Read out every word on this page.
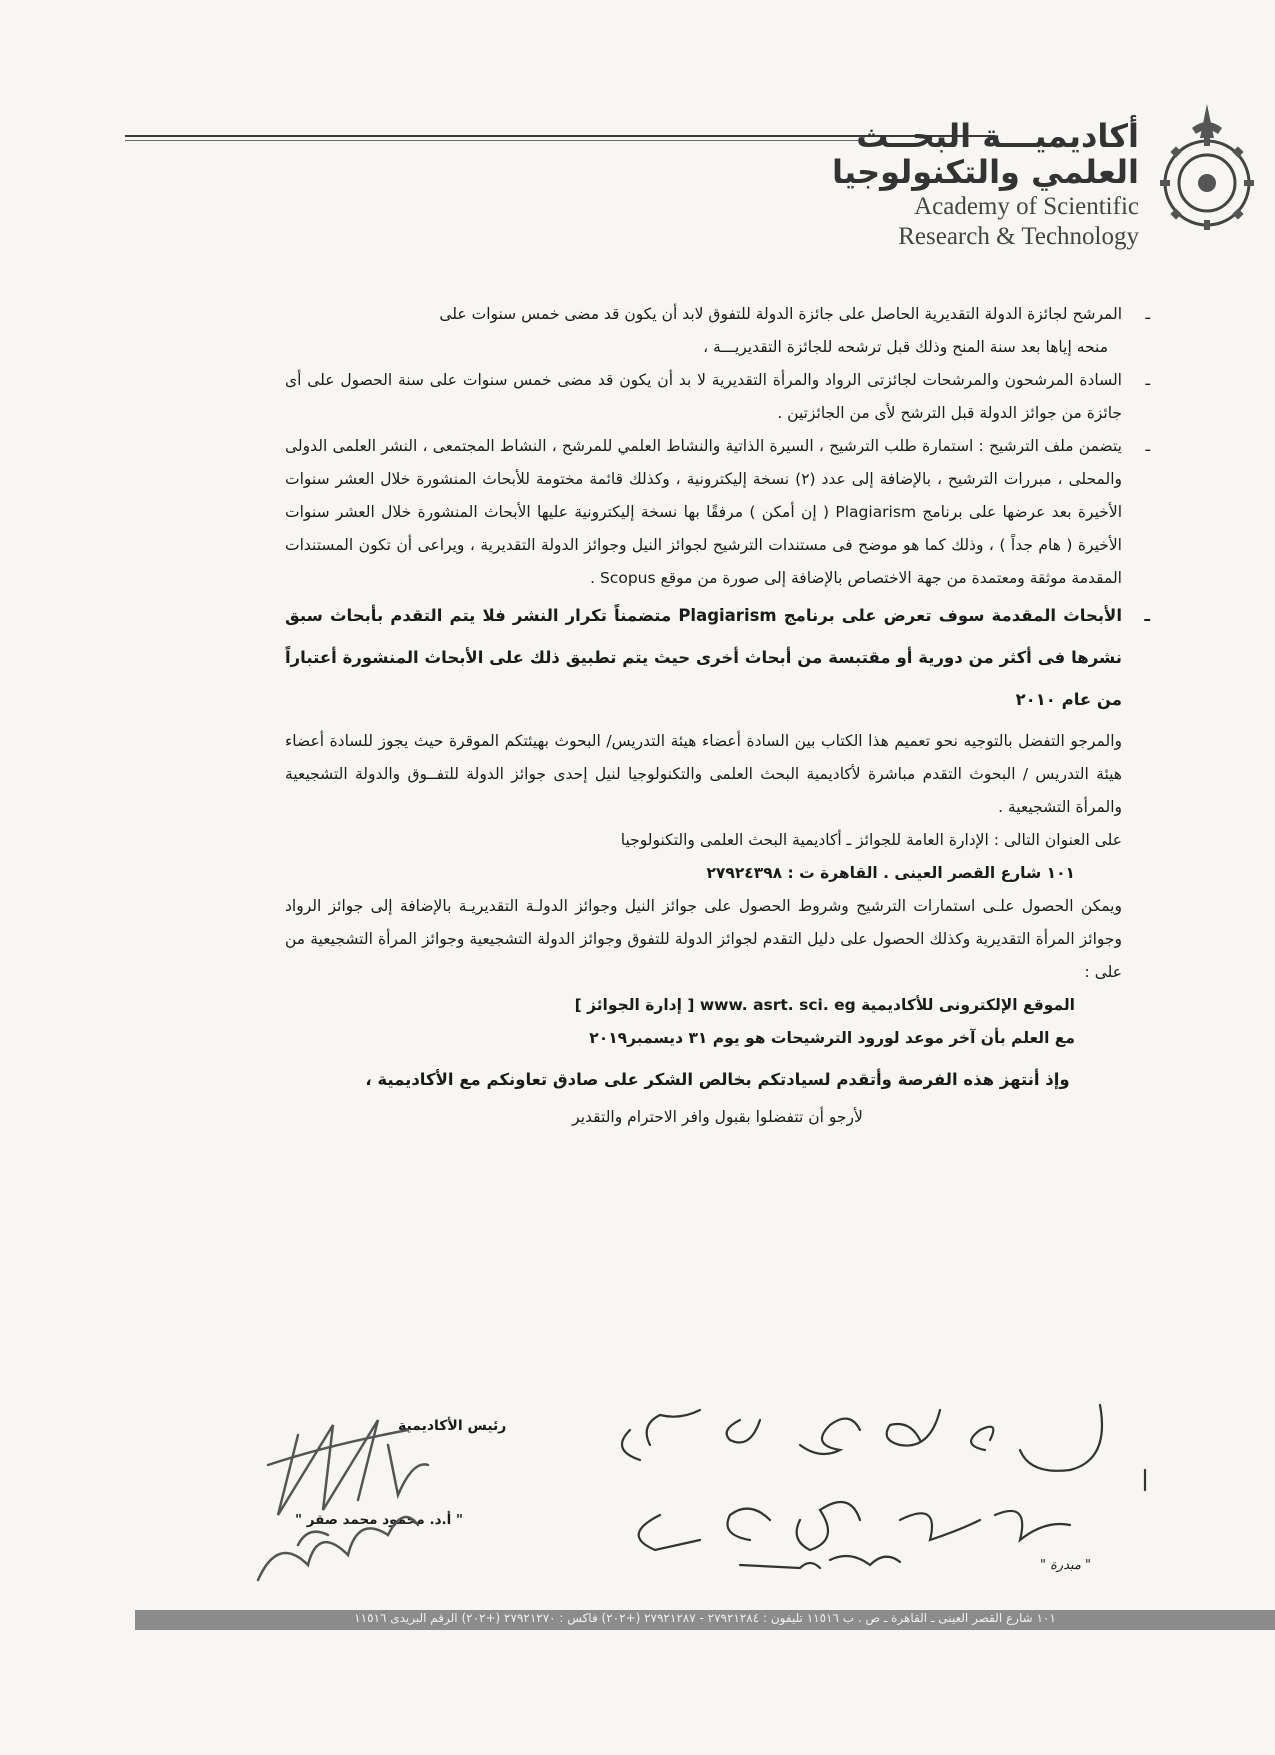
أكاديميـــة البحــث
العلمي والتكنولوجيا
Academy of Scientific
Research & Technology

ـ المرشح لجائزة الدولة التقديرية الحاصل على جائزة الدولة للتفوق لابد أن يكون قد مضى خمس سنوات على

منحه إياها بعد سنة المنح وذلك قبل ترشحه للجائزة التقديريـــة ،

ـ السادة المرشحون والمرشحات لجائزتى الرواد والمرأة التقديرية لا بد أن يكون قد مضى خمس سنوات على سنة الحصول على أى جائزة من جوائز الدولة قبل الترشح لأى من الجائزتين .

ـ يتضمن ملف الترشيح : استمارة طلب الترشيح ، السيرة الذاتية والنشاط العلمي للمرشح ، النشاط المجتمعى ، النشر العلمى الدولى والمحلى ، مبررات الترشيح ، بالإضافة إلى عدد (٢) نسخة إليكترونية ، وكذلك قائمة مختومة للأبحاث المنشورة خلال العشر سنوات الأخيرة بعد عرضها على برنامج Plagiarism ( إن أمكن ) مرفقًا بها نسخة إليكترونية عليها الأبحاث المنشورة خلال العشر سنوات الأخيرة ( هام جداً ) ، وذلك كما هو موضح فى مستندات الترشيح لجوائز النيل وجوائز الدولة التقديرية ، ويراعى أن تكون المستندات المقدمة موثقة ومعتمدة من جهة الاختصاص بالإضافة إلى صورة من موقع Scopus .

ـ الأبحاث المقدمة سوف تعرض على برنامج Plagiarism متضمناً تكرار النشر فلا يتم التقدم بأبحاث سبق نشرها فى أكثر من دورية أو مقتبسة من أبحاث أخرى حيث يتم تطبيق ذلك على الأبحاث المنشورة أعتباراً من عام ٢٠١٠

والمرجو التفضل بالتوجيه نحو تعميم هذا الكتاب بين السادة أعضاء هيئة التدريس/ البحوث بهيئتكم الموقرة حيث يجوز للسادة أعضاء هيئة التدريس / البحوث التقدم مباشرة لأكاديمية البحث العلمى والتكنولوجيا لنيل إحدى جوائز الدولة للتفــوق والدولة التشجيعية والمرأة التشجيعية .

على العنوان التالى : الإدارة العامة للجوائز ـ أكاديمية البحث العلمى والتكنولوجيا

١٠١ شارع القصر العينى . القاهرة ت : ٢٧٩٢٤٣٩٨

ويمكن الحصول علـى استمارات الترشيح وشروط الحصول على جوائز النيل وجوائز الدولـة التقديريـة بالإضافة إلى جوائز الرواد وجوائز المرأة التقديرية وكذلك الحصول على دليل التقدم لجوائز الدولة للتفوق وجوائز الدولة التشجيعية وجوائز المرأة التشجيعية من على :

الموقع الإلكترونى للأكاديمية www. asrt. sci. eg [ إدارة الجوائز ]

مع العلم بأن آخر موعد لورود الترشيحات هو يوم ٣١ ديسمبر٢٠١٩

وإذ أنتهز هذه الفرصة وأتقدم لسيادتكم بخالص الشكر على صادق تعاونكم مع الأكاديمية ،

لأرجو أن تتفضلوا بقبول وافر الاحترام والتقدير

رئيس الأكاديمية
" أ.د. محمود محمد صقر "
" مبدرة "
١٠١ شارع القصر العينى ـ القاهرة ـ ص . ب ١١٥١٦ تليفون : ٢٧٩٢١٢٨٤ - ٢٧٩٢١٢٨٧ (+٢٠٢) فاكس : ٢٧٩٢١٢٧٠ (+٢٠٢) الرقم البريدى ١١٥١٦
